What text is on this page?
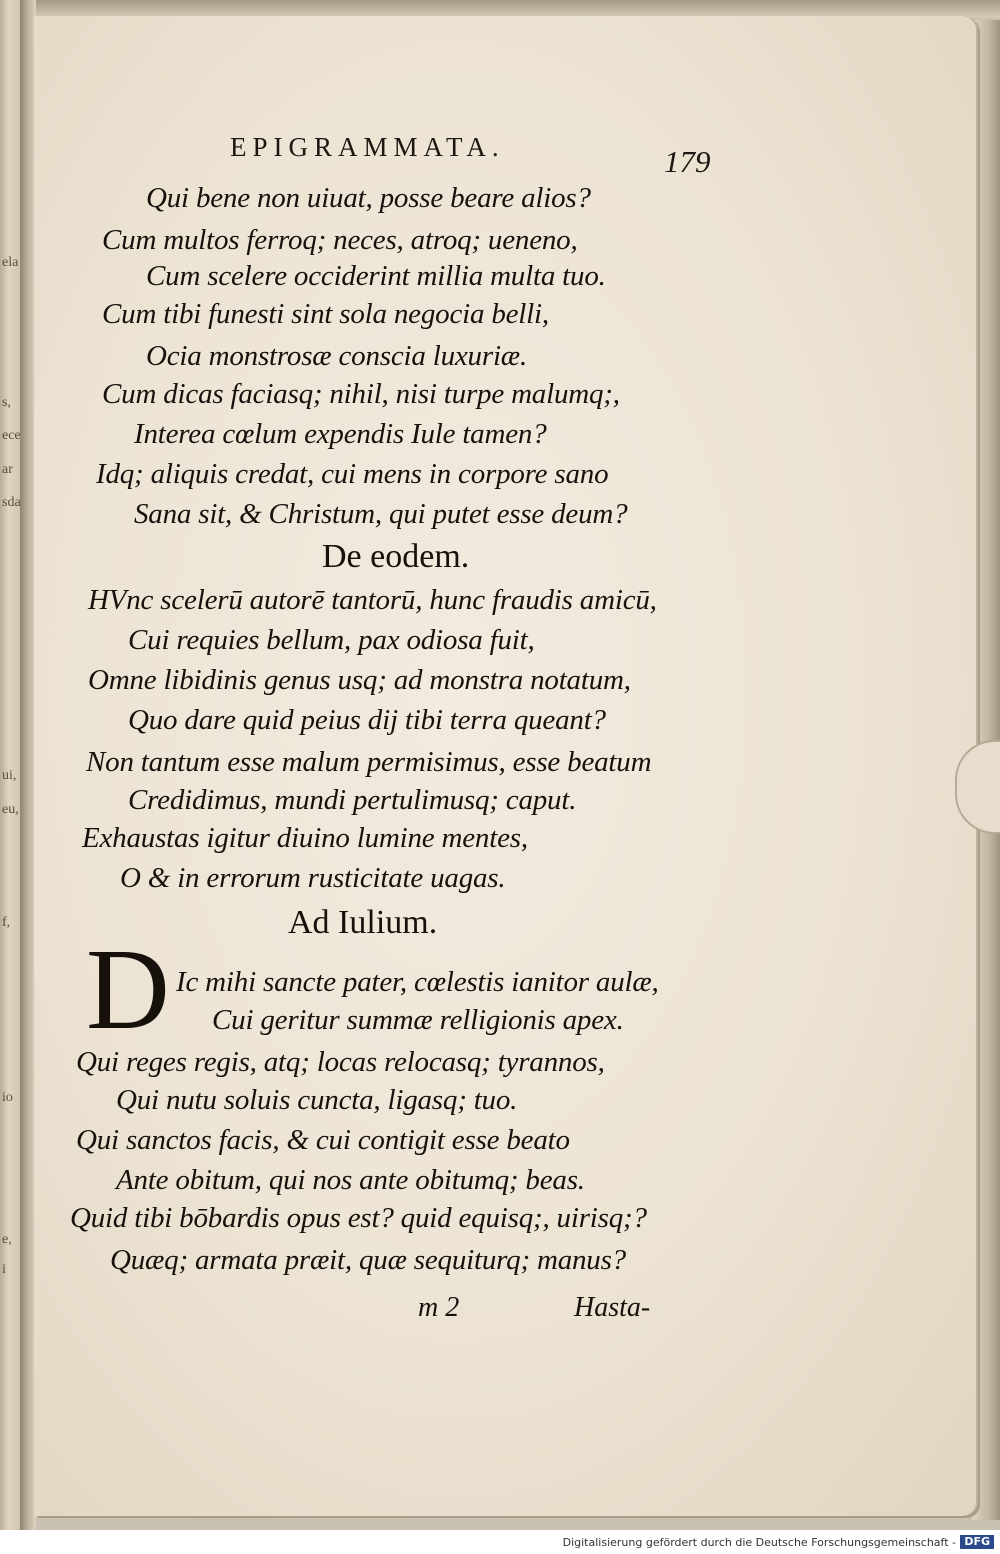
ela
s,
ece
ar
sda
ui,
eu,
f,
io
e,
i
EPIGRAMMATA.	179
Qui bene non uiuat, posse beare alios?
Cum multos ferroq; neces, atroq; ueneno,
Cum scelere occiderint millia multa tuo.
Cum tibi funesti sint sola negocia belli,
Ocia monstrosæ conscia luxuriæ.
Cum dicas faciasq; nihil, nisi turpe malumq;,
Interea cœlum expendis Iule tamen?
Idq; aliquis credat, cui mens in corpore sano
Sana sit, & Christum, qui putet esse deum?
De eodem.
HVnc scelerū autorē tantorū, hunc fraudis amicū,
Cui requies bellum, pax odiosa fuit,
Omne libidinis genus usq; ad monstra notatum,
Quo dare quid peius dij tibi terra queant?
Non tantum esse malum permisimus, esse beatum
Credidimus, mundi pertulimusq; caput.
Exhaustas igitur diuino lumine mentes,
O & in errorum rusticitate uagas.
Ad Iulium.
D Ic mihi sancte pater, cœlestis ianitor aulæ,
Cui geritur summæ relligionis apex.
Qui reges regis, atq; locas relocasq; tyrannos,
Qui nutu soluis cuncta, ligasq; tuo.
Qui sanctos facis, & cui contigit esse beato
Ante obitum, qui nos ante obitumq; beas.
Quid tibi bōbardis opus est? quid equisq;, uirisq;?
Quæq; armata præit, quæ sequiturq; manus?
m 2	Hasta-
Digitalisierung gefördert durch die Deutsche Forschungsgemeinschaft - DFG
